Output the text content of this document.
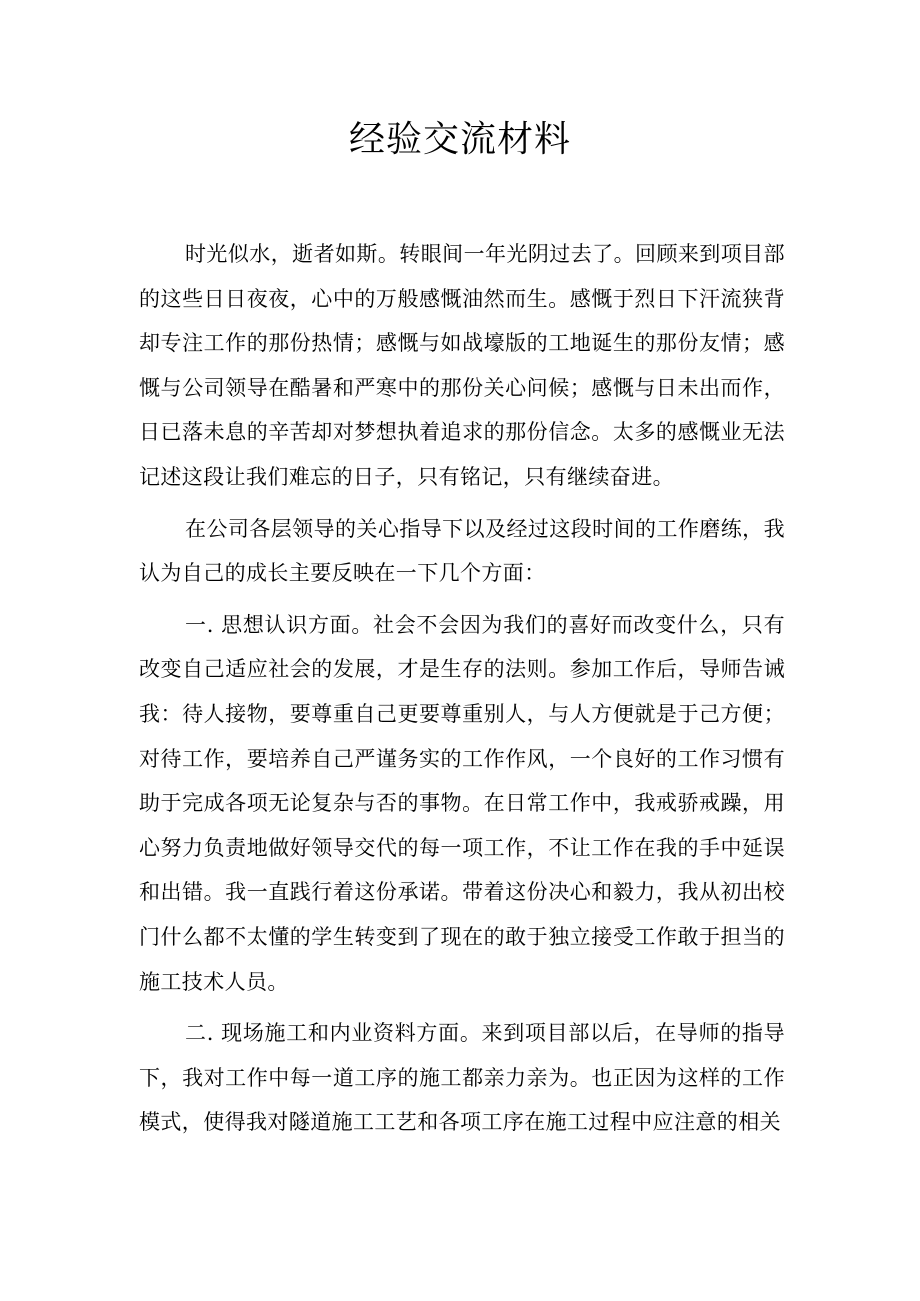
经验交流材料

时光似水，逝者如斯。转眼间一年光阴过去了。回顾来到项目部的这些日日夜夜，心中的万般感慨油然而生。感慨于烈日下汗流狭背却专注工作的那份热情；感慨与如战壕版的工地诞生的那份友情；感慨与公司领导在酷暑和严寒中的那份关心问候；感慨与日未出而作，日已落未息的辛苦却对梦想执着追求的那份信念。太多的感慨业无法记述这段让我们难忘的日子，只有铭记，只有继续奋进。

在公司各层领导的关心指导下以及经过这段时间的工作磨练，我认为自己的成长主要反映在一下几个方面：

一. 思想认识方面。社会不会因为我们的喜好而改变什么，只有改变自己适应社会的发展，才是生存的法则。参加工作后，导师告诫我：待人接物，要尊重自己更要尊重别人，与人方便就是于己方便；对待工作，要培养自己严谨务实的工作作风，一个良好的工作习惯有助于完成各项无论复杂与否的事物。在日常工作中，我戒骄戒躁，用心努力负责地做好领导交代的每一项工作，不让工作在我的手中延误和出错。我一直践行着这份承诺。带着这份决心和毅力，我从初出校门什么都不太懂的学生转变到了现在的敢于独立接受工作敢于担当的施工技术人员。

二. 现场施工和内业资料方面。来到项目部以后，在导师的指导下，我对工作中每一道工序的施工都亲力亲为。也正因为这样的工作模式，使得我对隧道施工工艺和各项工序在施工过程中应注意的相关
